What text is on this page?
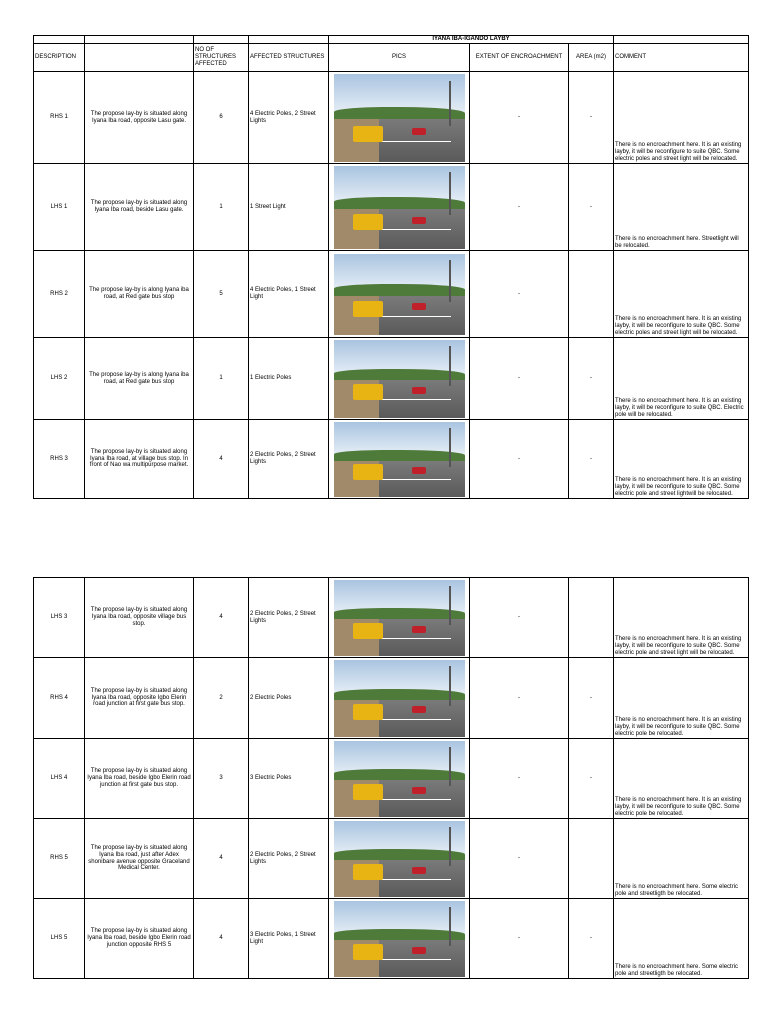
				IYANA IBA-IGANDO LAYBY			
DESCRIPTION		NO OF STRUCTURES AFFECTED	AFFECTED STRUCTURES	PICS	EXTENT OF ENCROACHMENT	AREA (m2)	COMMENT
RHS 1	The propose lay-by is situated along Iyana Iba road, opposite Lasu gate.	6	4 Electric Poles, 2 Street Lights		-	-	There is no encroachment here. It is an existing layby, it will be reconfigure to suite QBC. Some electric poles and street light will be relocated.
LHS 1	The propose lay-by is situated along Iyana Iba road, beside Lasu gate.	1	1 Street Light		-	-	There is no encroachment here. Streetlight will be relocated.
RHS 2	The propose lay-by is along Iyana iba road, at Red gate bus stop	5	4 Electric Poles, 1 Street Light		-		There is no encroachment here. It is an existing layby, it will be reconfigure to suite QBC. Some electric poles and street light will be relocated.
LHS 2	The propose lay-by is along Iyana iba road, at Red gate bus stop	1	1 Electric Poles		-	-	There is no encroachment here. It is an existing layby, it will be reconfigure to suite QBC. Electric pole will be relocated.
RHS 3	The propose lay-by is situated along Iyana Iba road, at village bus stop. In front of Nao wa multipurpose market.	4	2 Electric Poles, 2 Street Lights		-	-	There is no encroachment here. It is an existing layby, it will be reconfigure to suite QBC. Some electric pole and street lightwill be relocated.
LHS 3	The propose lay-by is situated along Iyana Iba road, opposite village bus stop.	4	2 Electric Poles, 2 Street Lights		-		There is no encroachment here. It is an existing layby, it will be reconfigure to suite QBC. Some electric pole and street light will be relocated.
RHS 4	The propose lay-by is situated along Iyana Iba road, opposite Igbo Elerin road junction at first gate bus stop.	2	2 Electric Poles		-	-	There is no encroachment here. It is an existing layby, it will be reconfigure to suite QBC. Some electric pole be relocated.
LHS 4	The propose lay-by is situated along Iyana Iba road, beside Igbo Elerin road junction at first gate bus stop.	3	3 Electric Poles		-	-	There is no encroachment here. It is an existing layby, it will be reconfigure to suite QBC. Some electric pole be relocated.
RHS 5	The propose lay-by is situated along Iyana Iba road, just after Adex shonibare avenue opposite Graceland Medical Center.	4	2 Electric Poles, 2 Street Lights		-		There is no encroachment here. Some electric pole and streetligth be relocated.
LHS 5	The propose lay-by is situated along Iyana Iba road, beside Igbo Elerin road junction opposite RHS 5	4	3 Electric Poles, 1 Street Light		-	-	There is no encroachment here. Some electric pole and streetligth be relocated.
